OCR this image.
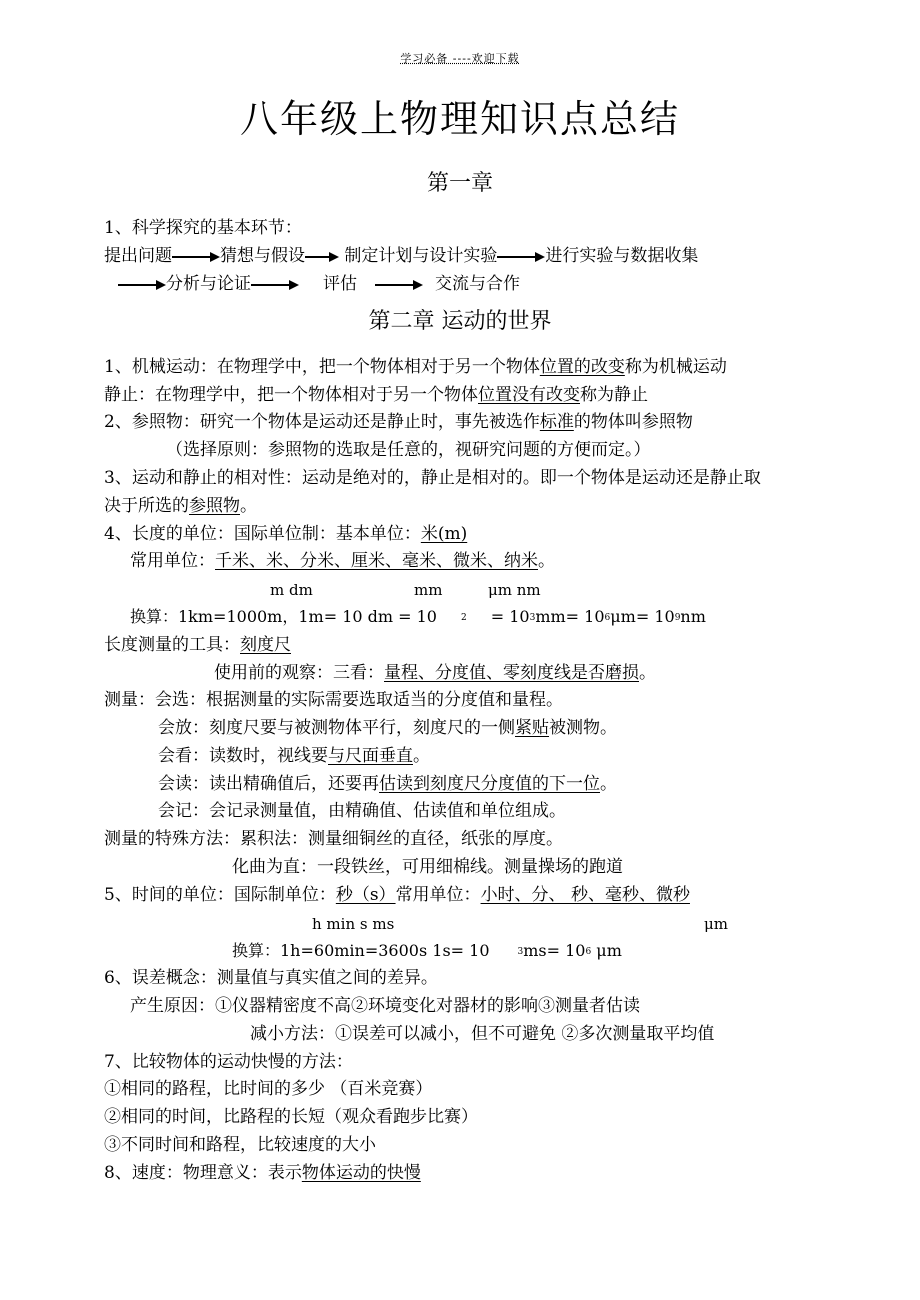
学习必备 ----欢迎下载
八年级上物理知识点总结
第一章
1、科学探究的基本环节：
提出问题	猜想与假设 制定计划与设计实验	进行实验与数据收集
分析与论证	评估	交流与合作
第二章 运动的世界
1、机械运动：在物理学中，把一个物体相对于另一个物体位置的改变称为机械运动
静止：在物理学中，把一个物体相对于另一个物体位置没有改变称为静止
2、参照物：研究一个物体是运动还是静止时，事先被选作标准的物体叫参照物
（选择原则：参照物的选取是任意的，视研究问题的方便而定。）
3、运动和静止的相对性：运动是绝对的，静止是相对的。即一个物体是运动还是静止取
决于所选的参照物。
4、长度的单位：国际单位制：基本单位：米(m)
常用单位：千米、米、分米、厘米、毫米、微米、纳米。
m dm	mm	μm nm
换算：1km=1000m，1m= 10 dm = 10	$^2 = 10^3mm= 10^6\mu m= 10^9nm$
长度测量的工具：刻度尺
使用前的观察：三看：量程、分度值、零刻度线是否磨损。
测量：会选：根据测量的实际需要选取适当的分度值和量程。
会放：刻度尺要与被测物体平行，刻度尺的一侧紧贴被测物。
会看：读数时，视线要与尺面垂直。
会读：读出精确值后，还要再估读到刻度尺分度值的下一位。
会记：会记录测量值，由精确值、估读值和单位组成。
测量的特殊方法：累积法：测量细铜丝的直径，纸张的厚度。
化曲为直：一段铁丝，可用细棉线。测量操场的跑道
5、时间的单位：国际制单位：秒（s）常用单位：小时、分、 秒、毫秒、微秒
h min s ms	μm
换算：1h=60min=3600s 1s= 10	$^3ms= 10^6$ μm
6、误差概念：测量值与真实值之间的差异。
产生原因：①仪器精密度不高②环境变化对器材的影响③测量者估读
减小方法：①误差可以减小，但不可避免 ②多次测量取平均值
7、比较物体的运动快慢的方法：
①相同的路程，比时间的多少 （百米竞赛）
②相同的时间，比路程的长短（观众看跑步比赛）
③不同时间和路程，比较速度的大小
8、速度：物理意义：表示物体运动的快慢
